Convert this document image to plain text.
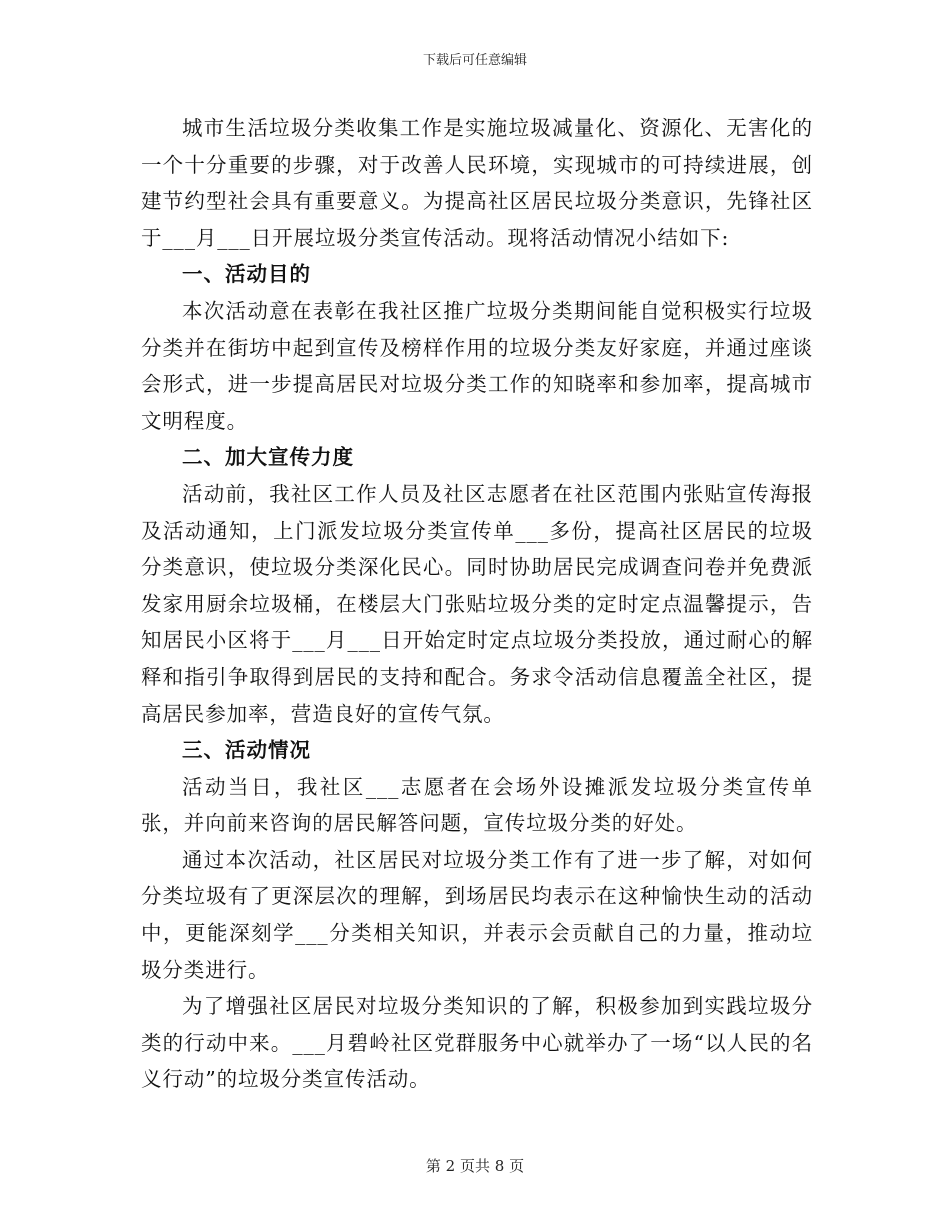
下载后可任意编辑

城市生活垃圾分类收集工作是实施垃圾减量化、资源化、无害化的一个十分重要的步骤，对于改善人民环境，实现城市的可持续进展，创建节约型社会具有重要意义。为提高社区居民垃圾分类意识，先锋社区于___月___日开展垃圾分类宣传活动。现将活动情况小结如下:

一、活动目的

本次活动意在表彰在我社区推广垃圾分类期间能自觉积极实行垃圾分类并在街坊中起到宣传及榜样作用的垃圾分类友好家庭，并通过座谈会形式，进一步提高居民对垃圾分类工作的知晓率和参加率，提高城市文明程度。

二、加大宣传力度

活动前，我社区工作人员及社区志愿者在社区范围内张贴宣传海报及活动通知，上门派发垃圾分类宣传单___多份，提高社区居民的垃圾分类意识，使垃圾分类深化民心。同时协助居民完成调查问卷并免费派发家用厨余垃圾桶，在楼层大门张贴垃圾分类的定时定点温馨提示，告知居民小区将于___月___日开始定时定点垃圾分类投放，通过耐心的解释和指引争取得到居民的支持和配合。务求令活动信息覆盖全社区，提高居民参加率，营造良好的宣传气氛。

三、活动情况

活动当日，我社区___志愿者在会场外设摊派发垃圾分类宣传单张，并向前来咨询的居民解答问题，宣传垃圾分类的好处。

通过本次活动，社区居民对垃圾分类工作有了进一步了解，对如何分类垃圾有了更深层次的理解，到场居民均表示在这种愉快生动的活动中，更能深刻学___分类相关知识，并表示会贡献自己的力量，推动垃圾分类进行。

为了增强社区居民对垃圾分类知识的了解，积极参加到实践垃圾分类的行动中来。___月碧岭社区党群服务中心就举办了一场“以人民的名义行动”的垃圾分类宣传活动。

第 2 页共 8 页
